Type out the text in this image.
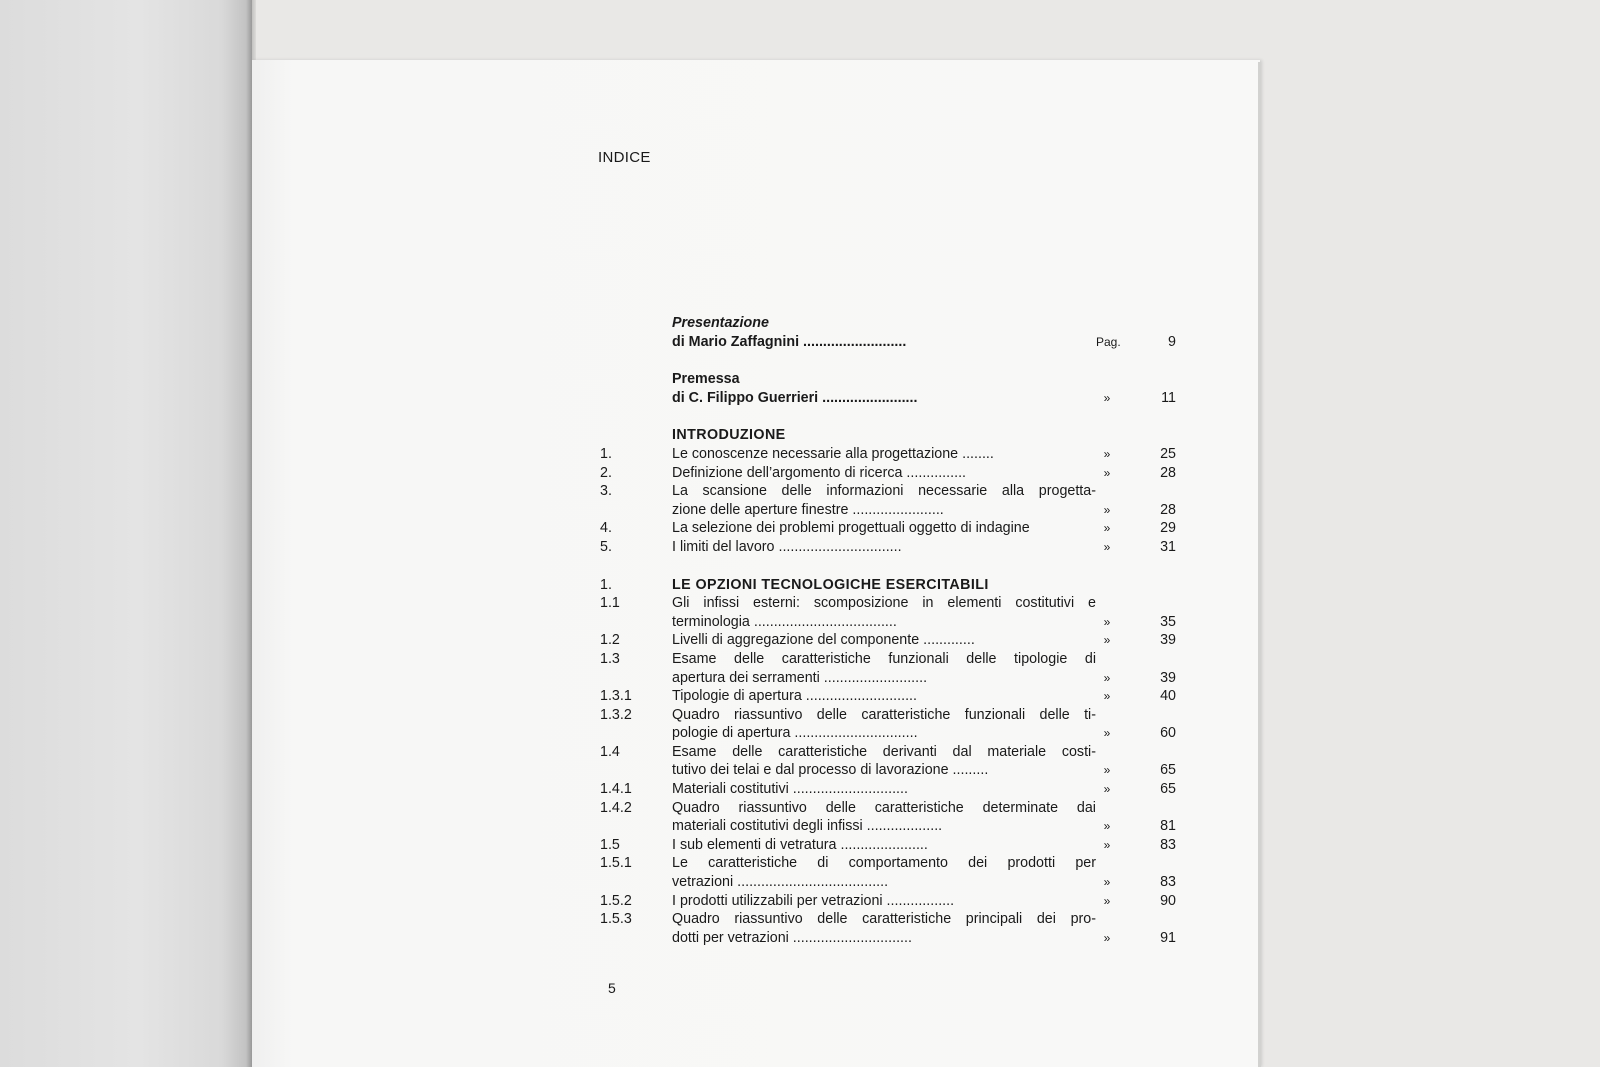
INDICE
Presentazione
di Mario Zaffagnini ..........................	Pag.	9
Premessa
di C. Filippo Guerrieri ........................	»	11
INTRODUZIONE
1.	Le conoscenze necessarie alla progettazione ........	»	25
2.	Definizione dell’argomento di ricerca ...............	»	28
3.	La scansione delle informazioni necessarie alla progetta-
zione delle aperture finestre .......................	»	28
4.	La selezione dei problemi progettuali oggetto di indagine	»	29
5.	I limiti del lavoro ...............................	»	31
1.	LE OPZIONI TECNOLOGICHE ESERCITABILI
1.1	Gli infissi esterni: scomposizione in elementi costitutivi e
terminologia ....................................	»	35
1.2	Livelli di aggregazione del componente .............	»	39
1.3	Esame delle caratteristiche funzionali delle tipologie di
apertura dei serramenti ..........................	»	39
1.3.1	Tipologie di apertura ............................	»	40
1.3.2	Quadro riassuntivo delle caratteristiche funzionali delle ti-
pologie di apertura ...............................	»	60
1.4	Esame delle caratteristiche derivanti dal materiale costi-
tutivo dei telai e dal processo di lavorazione .........	»	65
1.4.1	Materiali costitutivi .............................	»	65
1.4.2	Quadro riassuntivo delle caratteristiche determinate dai
materiali costitutivi degli infissi ...................	»	81
1.5	I sub elementi di vetratura ......................	»	83
1.5.1	Le caratteristiche di comportamento dei prodotti per
vetrazioni ......................................	»	83
1.5.2	I prodotti utilizzabili per vetrazioni .................	»	90
1.5.3	Quadro riassuntivo delle caratteristiche principali dei pro-
dotti per vetrazioni ..............................	»	91
5
